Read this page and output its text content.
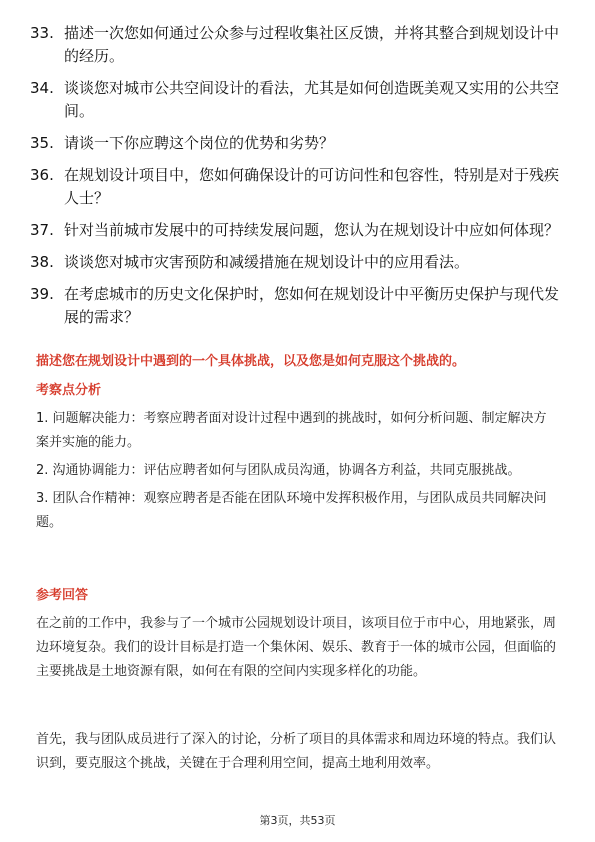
33. 描述一次您如何通过公众参与过程收集社区反馈，并将其整合到规划设计中的经历。
34. 谈谈您对城市公共空间设计的看法，尤其是如何创造既美观又实用的公共空间。
35. 请谈一下你应聘这个岗位的优势和劣势？
36. 在规划设计项目中，您如何确保设计的可访问性和包容性，特别是对于残疾人士？
37. 针对当前城市发展中的可持续发展问题，您认为在规划设计中应如何体现？
38. 谈谈您对城市灾害预防和减缓措施在规划设计中的应用看法。
39. 在考虑城市的历史文化保护时，您如何在规划设计中平衡历史保护与现代发展的需求？
描述您在规划设计中遇到的一个具体挑战，以及您是如何克服这个挑战的。
考察点分析

1. 问题解决能力：考察应聘者面对设计过程中遇到的挑战时，如何分析问题、制定解决方案并实施的能力。

2. 沟通协调能力：评估应聘者如何与团队成员沟通，协调各方利益，共同克服挑战。

3. 团队合作精神：观察应聘者是否能在团队环境中发挥积极作用，与团队成员共同解决问题。

参考回答

在之前的工作中，我参与了一个城市公园规划设计项目，该项目位于市中心，用地紧张，周边环境复杂。我们的设计目标是打造一个集休闲、娱乐、教育于一体的城市公园，但面临的主要挑战是土地资源有限，如何在有限的空间内实现多样化的功能。

首先，我与团队成员进行了深入的讨论，分析了项目的具体需求和周边环境的特点。我们认识到，要克服这个挑战，关键在于合理利用空间，提高土地利用效率。

第3页，共53页
